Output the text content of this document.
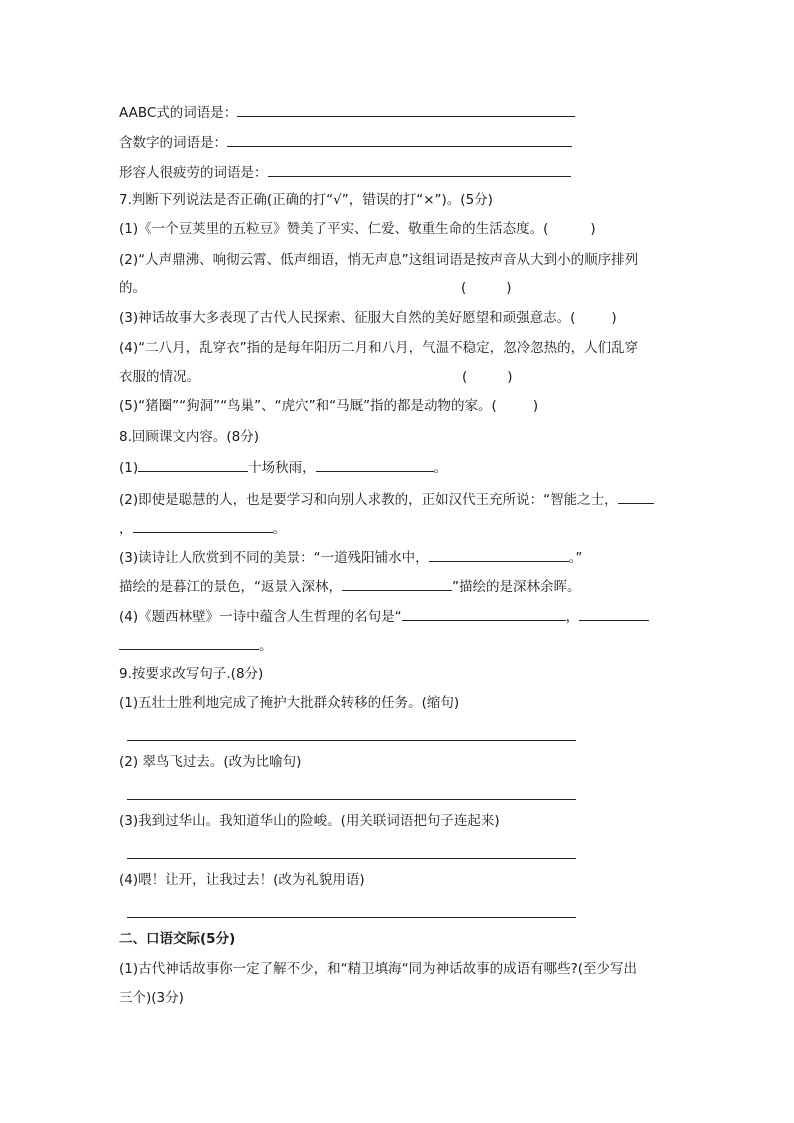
AABC式的词语是：
含数字的词语是：
形容人很疲劳的词语是：
7.判断下列说法是否正确(正确的打“√”，错误的打“×”)。(5分)
(1)《一个豆荚里的五粒豆》赞美了平实、仁爱、敬重生命的生活态度。(	)
(2)“人声鼎沸、响彻云霄、低声细语，悄无声息”这组词语是按声音从大到小的顺序排列
的。	(	)
(3)神话故事大多表现了古代人民探索、征服大自然的美好愿望和顽强意志。(	)
(4)“二八月，乱穿衣”指的是每年阳历二月和八月，气温不稳定，忽冷忽热的，人们乱穿
衣服的情况。	(	)
(5)“猪圈”“狗洞”“鸟巢”、“虎穴”和“马厩”指的都是动物的家。(	)
8.回顾课文内容。(8分)
(1)	十场秋雨，	。
(2)即使是聪慧的人，也是要学习和向别人求教的，正如汉代王充所说：“智能之士，
，	。
(3)读诗让人欣赏到不同的美景：“一道残阳铺水中，	。”
描绘的是暮江的景色，“返景入深林，	”描绘的是深林余晖。
(4)《题西林壁》一诗中蕴含人生哲理的名句是“	，
。
9.按要求改写句子.(8分)
(1)五壮士胜利地完成了掩护大批群众转移的任务。(缩句)
(2) 翠鸟飞过去。(改为比喻句)
(3)我到过华山。我知道华山的险峻。(用关联词语把句子连起来)
(4)喂！让开，让我过去！(改为礼貌用语)
二、口语交际(5分)
(1)古代神话故事你一定了解不少，和“精卫填海“同为神话故事的成语有哪些?(至少写出
三个)(3分)
